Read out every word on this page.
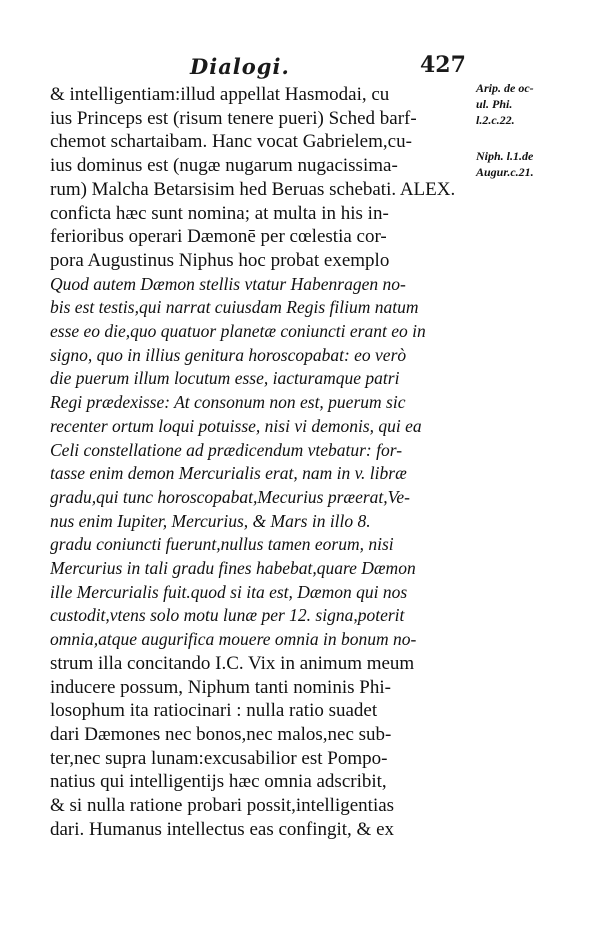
Dialogi.	427
& intelligentiam:illud appellat Hasmodai, cu
ius Princeps est (risum tenere pueri) Sched barf-
chemot schartaibam. Hanc vocat Gabrielem,cu-
ius dominus est (nugæ nugarum nugacissima-
rum) Malcha Betarsisim hed Beruas schebati. ALEX.
conficta hæc sunt nomina; at multa in his in-
ferioribus operari Dæmonē per cœlestia cor-
pora Augustinus Niphus hoc probat exemplo
Quod autem Dæmon stellis vtatur Habenragen no-
bis est testis,qui narrat cuiusdam Regis filium natum
esse eo die,quo quatuor planetæ coniuncti erant eo in
signo, quo in illius genitura horoscopabat: eo verò
die puerum illum locutum esse, iacturamque patri
Regi prædexisse: At consonum non est, puerum sic
recenter ortum loqui potuisse, nisi vi demonis, qui ea
Celi constellatione ad prædicendum vtebatur: for-
tasse enim demon Mercurialis erat, nam in v. libræ
gradu,qui tunc horoscopabat,Mecurius præerat,Ve-
nus enim Iupiter, Mercurius, & Mars in illo 8.
gradu coniuncti fuerunt,nullus tamen eorum, nisi
Mercurius in tali gradu fines habebat,quare Dæmon
ille Mercurialis fuit.quod si ita est, Dæmon qui nos
custodit,vtens solo motu lunæ per 12. signa,poterit
omnia,atque augurifica mouere omnia in bonum no-
strum illa concitando I.C. Vix in animum meum
inducere possum, Niphum tanti nominis Phi-
losophum ita ratiocinari : nulla ratio suadet
dari Dæmones nec bonos,nec malos,nec sub-
ter,nec supra lunam:excusabilior est Pompo-
natius qui intelligentijs hæc omnia adscribit,
& si nulla ratione probari possit,intelligentias
dari. Humanus intellectus eas confingit, & ex
Arip. de oc-
ul. Phi.
l.2.c.22.
Niph. l.1.de
Augur.c.21.
